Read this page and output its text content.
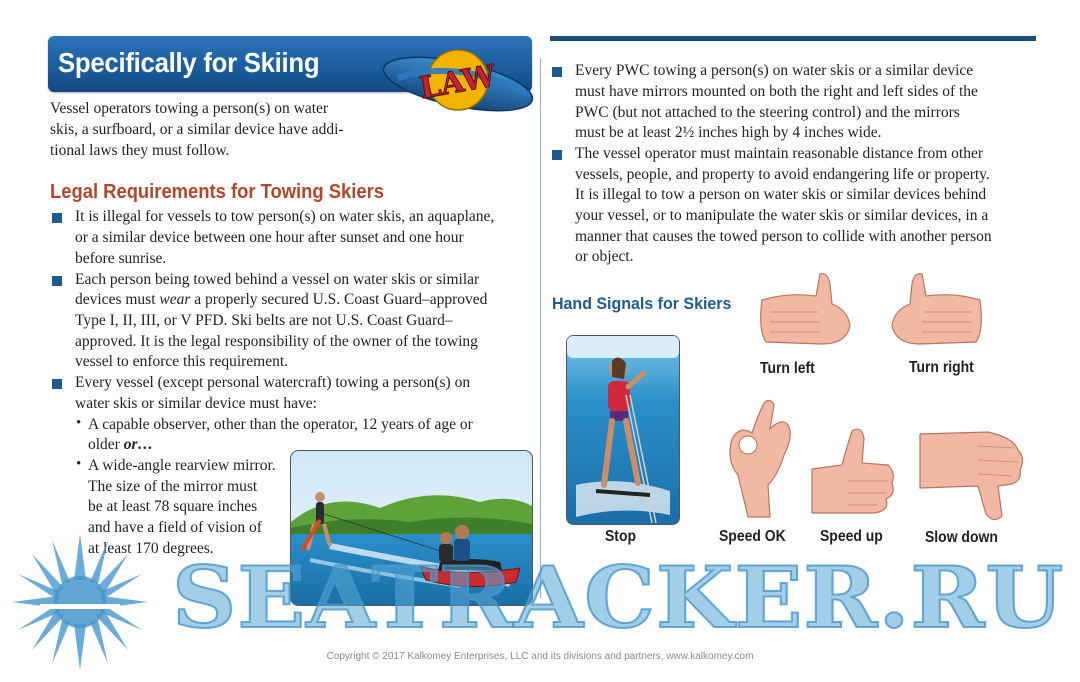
Specifically for Skiing	LAW
Vessel operators towing a person(s) on water
skis, a surfboard, or a similar device have addi-
tional laws they must follow.
Legal Requirements for Towing Skiers
It is illegal for vessels to tow person(s) on water skis, an aquaplane,
or a similar device between one hour after sunset and one hour
before sunrise.
Each person being towed behind a vessel on water skis or similar
devices must wear a properly secured U.S. Coast Guard–approved
Type I, II, III, or V PFD. Ski belts are not U.S. Coast Guard–
approved. It is the legal responsibility of the owner of the towing
vessel to enforce this requirement.
Every vessel (except personal watercraft) towing a person(s) on
water skis or similar device must have:
• A capable observer, other than the operator, 12 years of age or
older or…
• A wide-angle rearview mirror.
The size of the mirror must
be at least 78 square inches
and have a field of vision of
at least 170 degrees.
Every PWC towing a person(s) on water skis or a similar device
must have mirrors mounted on both the right and left sides of the
PWC (but not attached to the steering control) and the mirrors
must be at least 2½ inches high by 4 inches wide.
The vessel operator must maintain reasonable distance from other
vessels, people, and property to avoid endangering life or property.
It is illegal to tow a person on water skis or similar devices behind
your vessel, or to manipulate the water skis or similar devices, in a
manner that causes the towed person to collide with another person
or object.
Hand Signals for Skiers
Stop
Turn left	Turn right
Speed OK Speed up	Slow down
SEATRACKER.RU
Copyright © 2017 Kalkomey Enterprises, LLC and its divisions and partners, www.kalkomey.com
